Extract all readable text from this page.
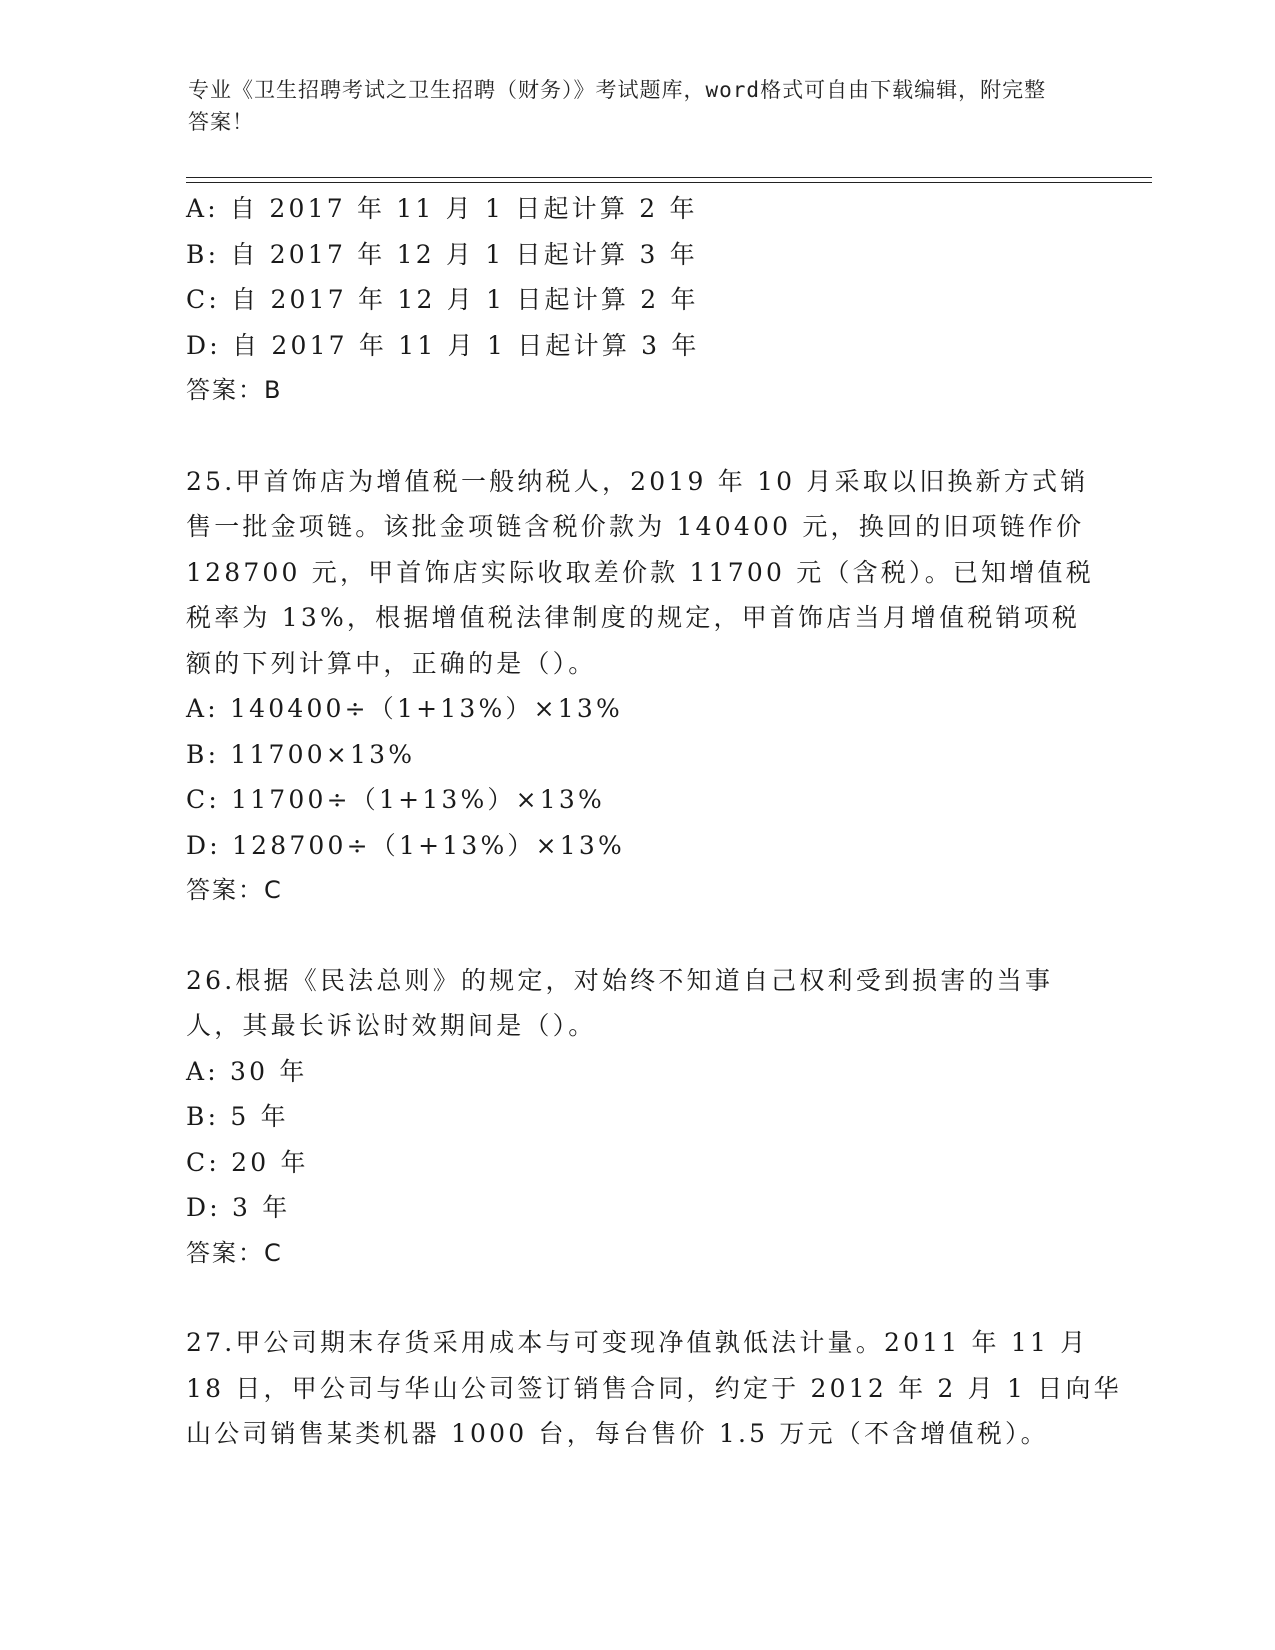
专业《卫生招聘考试之卫生招聘（财务）》考试题库，word格式可自由下载编辑，附完整答案！
A: 自 2017 年 11 月 1 日起计算 2 年
B: 自 2017 年 12 月 1 日起计算 3 年
C: 自 2017 年 12 月 1 日起计算 2 年
D: 自 2017 年 11 月 1 日起计算 3 年
答案：B
25.甲首饰店为增值税一般纳税人，2019 年 10 月采取以旧换新方式销
售一批金项链。该批金项链含税价款为 140400 元，换回的旧项链作价
128700 元，甲首饰店实际收取差价款 11700 元（含税）。已知增值税
税率为 13%，根据增值税法律制度的规定，甲首饰店当月增值税销项税
额的下列计算中，正确的是（）。
A: 140400÷（1+13%）×13%
B: 11700×13%
C: 11700÷（1+13%）×13%
D: 128700÷（1+13%）×13%
答案：C
26.根据《民法总则》的规定，对始终不知道自己权利受到损害的当事
人，其最长诉讼时效期间是（）。
A: 30 年
B: 5 年
C: 20 年
D: 3 年
答案：C
27.甲公司期末存货采用成本与可变现净值孰低法计量。2011 年 11 月
18 日，甲公司与华山公司签订销售合同，约定于 2012 年 2 月 1 日向华
山公司销售某类机器 1000 台，每台售价 1.5 万元（不含增值税）。
